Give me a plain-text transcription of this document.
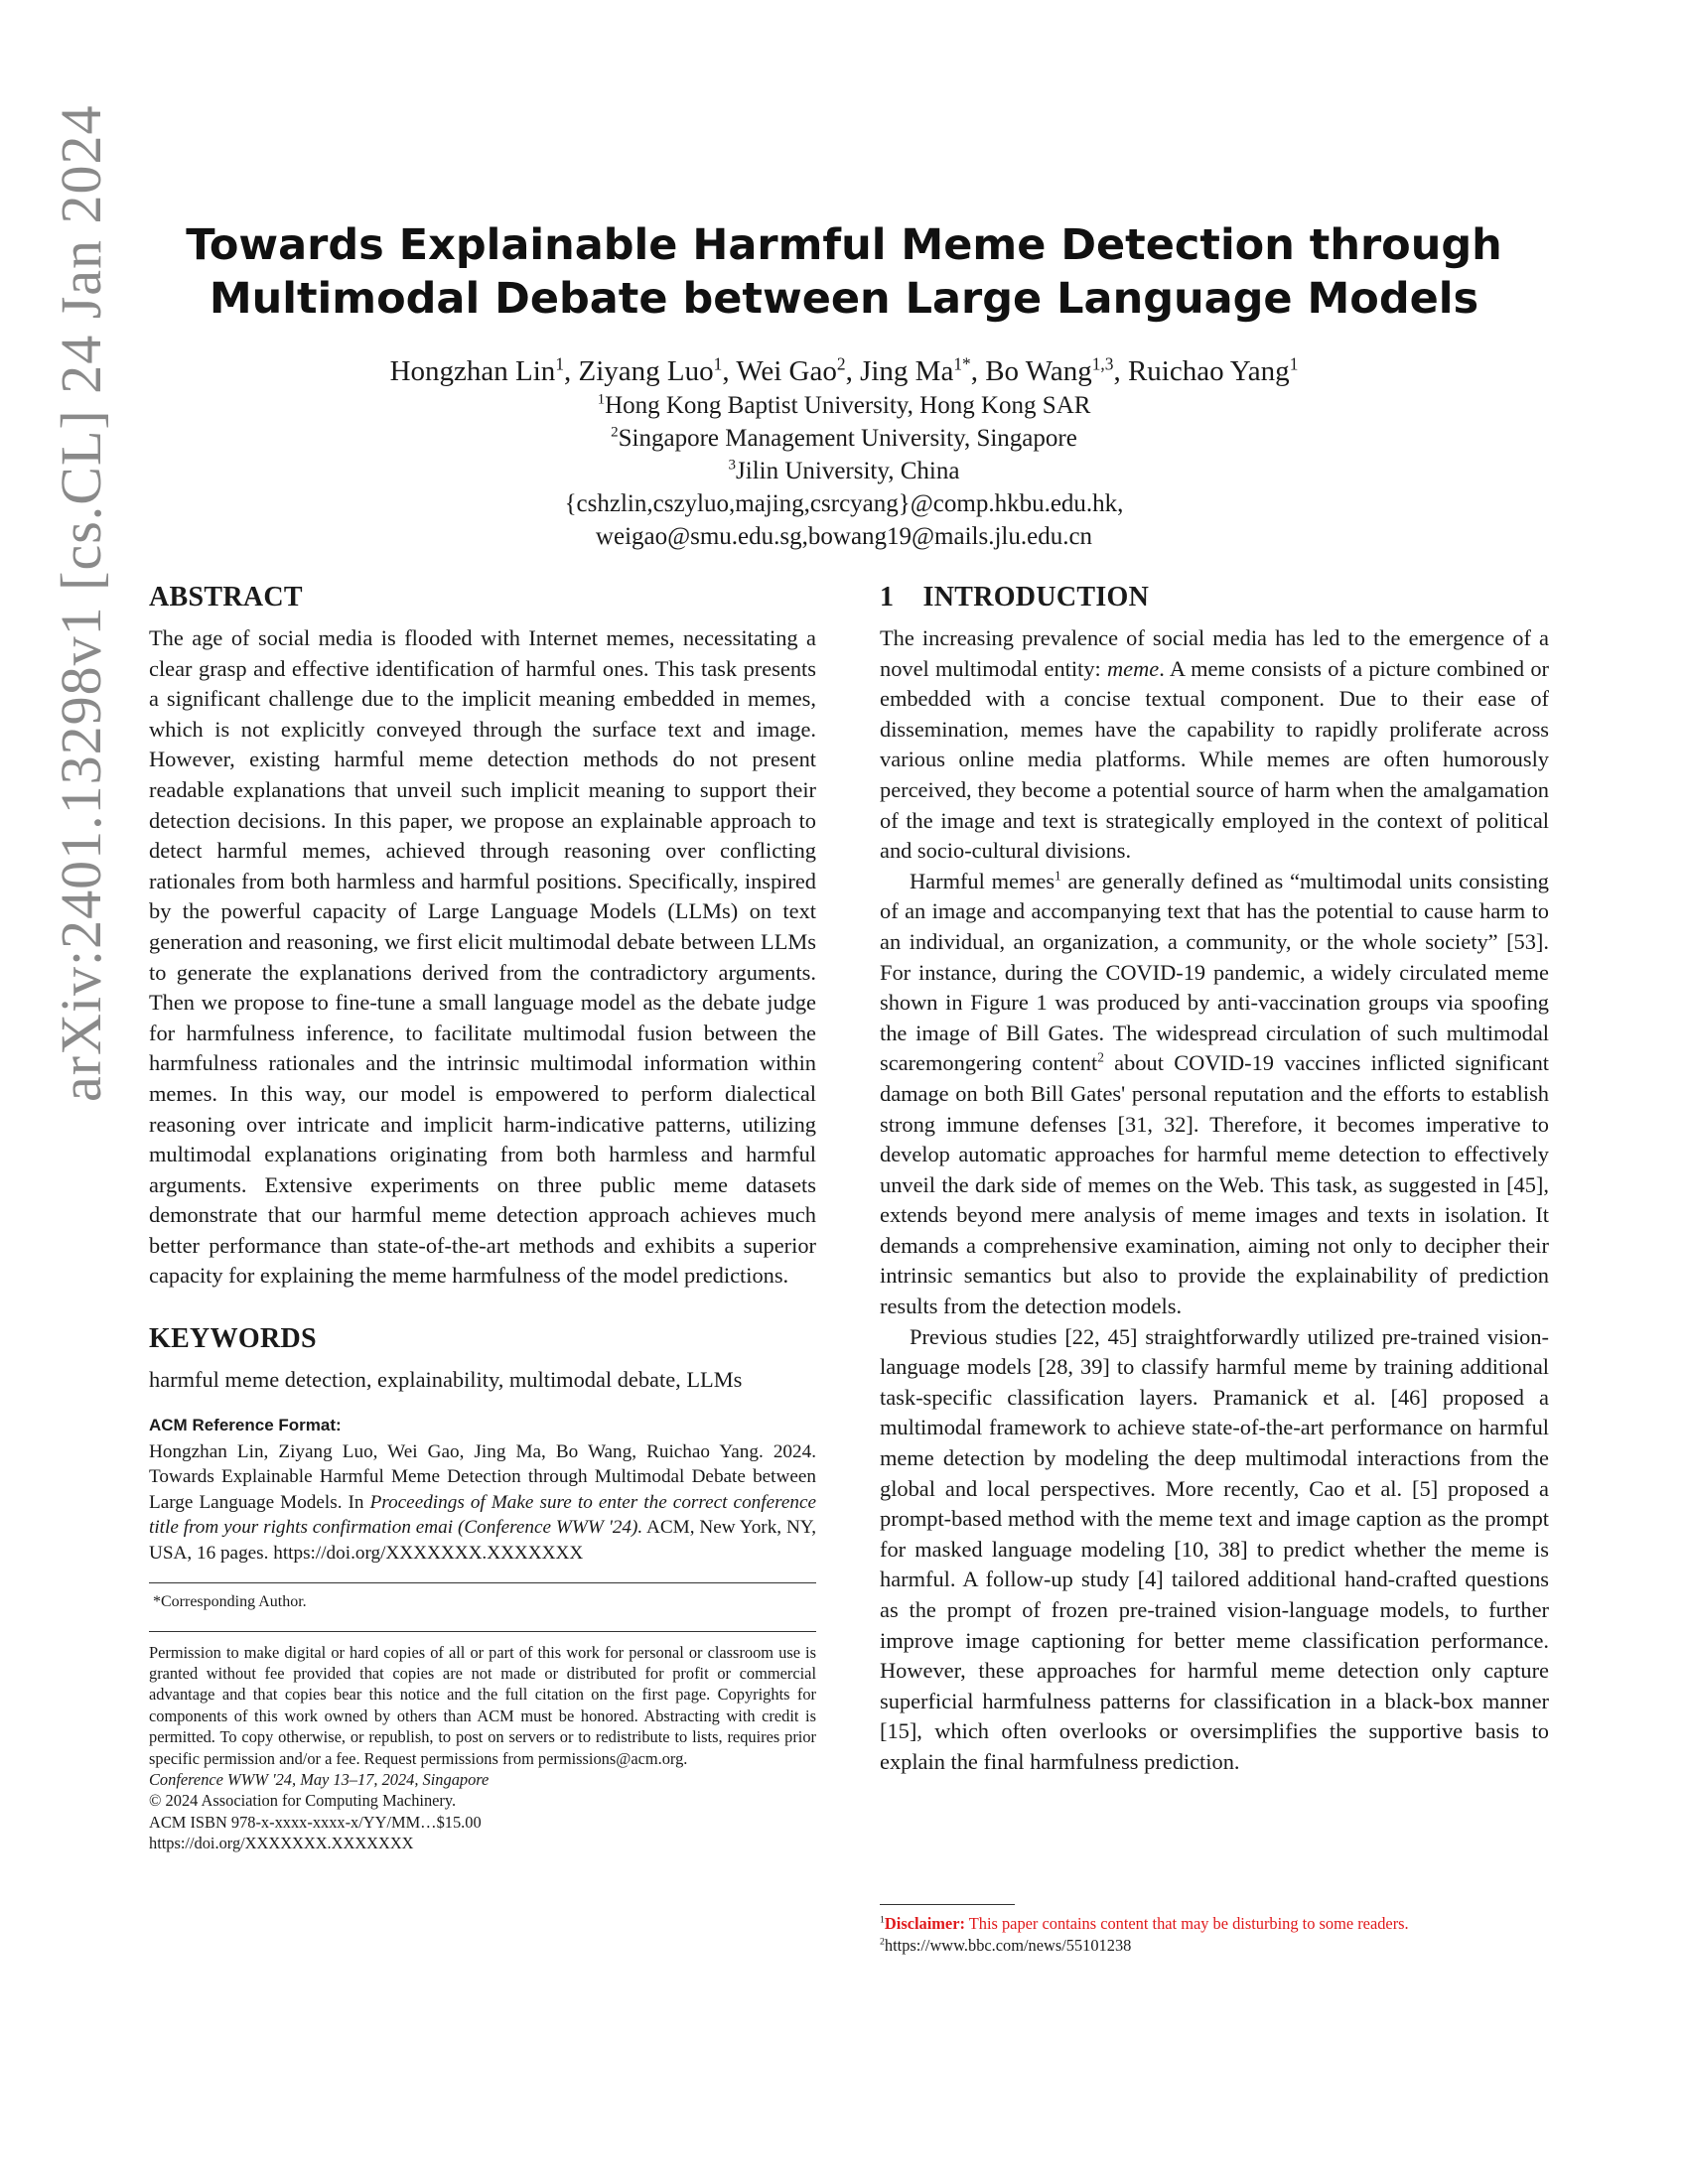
arXiv:2401.13298v1 [cs.CL] 24 Jan 2024	Towards Explainable Harmful Meme Detection through
Multimodal Debate between Large Language Models
Hongzhan Lin$^1$, Ziyang Luo$^1$, Wei Gao$^2$, Jing $Ma^{1*}$, Bo Wang$^{1,3}$, Ruichao Yang$^1$
$^1$Hong Kong Baptist University, Hong Kong SAR
$^2$Singapore Management University, Singapore
$^3$Jilin University, China
{cshzlin,cszyluo,majing,csrcyang}@comp.hkbu.edu.hk,
weigao@smu.edu.sg,bowang19@mails.jlu.edu.cn
ABSTRACT

The age of social media is flooded with Internet memes, necessitating a clear grasp and effective identification of harmful ones. This task presents a significant challenge due to the implicit meaning embedded in memes, which is not explicitly conveyed through the surface text and image. However, existing harmful meme detection methods do not present readable explanations that unveil such implicit meaning to support their detection decisions. In this paper, we propose an explainable approach to detect harmful memes, achieved through reasoning over conflicting rationales from both harmless and harmful positions. Specifically, inspired by the powerful capacity of Large Language Models (LLMs) on text generation and reasoning, we first elicit multimodal debate between LLMs to generate the explanations derived from the contradictory arguments. Then we propose to fine-tune a small language model as the debate judge for harmfulness inference, to facilitate multimodal fusion between the harmfulness rationales and the intrinsic multimodal information within memes. In this way, our model is empowered to perform dialectical reasoning over intricate and implicit harm-indicative patterns, utilizing multimodal explanations originating from both harmless and harmful arguments. Extensive experiments on three public meme datasets demonstrate that our harmful meme detection approach achieves much better performance than state-of-the-art methods and exhibits a superior capacity for explaining the meme harmfulness of the model predictions.

KEYWORDS

harmful meme detection, explainability, multimodal debate, LLMs

ACM Reference Format:

Hongzhan Lin, Ziyang Luo, Wei Gao, Jing Ma, Bo Wang, Ruichao Yang. 2024. Towards Explainable Harmful Meme Detection through Multimodal Debate between Large Language Models. In Proceedings of Make sure to enter the correct conference title from your rights confirmation emai (Conference WWW '24). ACM, New York, NY, USA, 16 pages. https://doi.org/XXXXXXX.XXXXXXX

*Corresponding Author.

Permission to make digital or hard copies of all or part of this work for personal or classroom use is granted without fee provided that copies are not made or distributed for profit or commercial advantage and that copies bear this notice and the full citation on the first page. Copyrights for components of this work owned by others than ACM must be honored. Abstracting with credit is permitted. To copy otherwise, or republish, to post on servers or to redistribute to lists, requires prior specific permission and/or a fee. Request permissions from permissions@acm.org.

Conference WWW '24, May 13–17, 2024, Singapore
© 2024 Association for Computing Machinery.
ACM ISBN 978-x-xxxx-xxxx-x/YY/MM…$15.00
https://doi.org/XXXXXXX.XXXXXXX
1    INTRODUCTION

The increasing prevalence of social media has led to the emergence of a novel multimodal entity: meme. A meme consists of a picture combined or embedded with a concise textual component. Due to their ease of dissemination, memes have the capability to rapidly proliferate across various online media platforms. While memes are often humorously perceived, they become a potential source of harm when the amalgamation of the image and text is strategically employed in the context of political and socio-cultural divisions.

Harmful memes$^1$ are generally defined as “multimodal units consisting of an image and accompanying text that has the potential to cause harm to an individual, an organization, a community, or the whole society” [53]. For instance, during the COVID-19 pandemic, a widely circulated meme shown in Figure 1 was produced by anti-vaccination groups via spoofing the image of Bill Gates. The widespread circulation of such multimodal scaremongering content$^2$ about COVID-19 vaccines inflicted significant damage on both Bill Gates' personal reputation and the efforts to establish strong immune defenses [31, 32]. Therefore, it becomes imperative to develop automatic approaches for harmful meme detection to effectively unveil the dark side of memes on the Web. This task, as suggested in [45], extends beyond mere analysis of meme images and texts in isolation. It demands a comprehensive examination, aiming not only to decipher their intrinsic semantics but also to provide the explainability of prediction results from the detection models.

Previous studies [22, 45] straightforwardly utilized pre-trained vision-language models [28, 39] to classify harmful meme by training additional task-specific classification layers. Pramanick et al. [46] proposed a multimodal framework to achieve state-of-the-art performance on harmful meme detection by modeling the deep multimodal interactions from the global and local perspectives. More recently, Cao et al. [5] proposed a prompt-based method with the meme text and image caption as the prompt for masked language modeling [10, 38] to predict whether the meme is harmful. A follow-up study [4] tailored additional hand-crafted questions as the prompt of frozen pre-trained vision-language models, to further improve image captioning for better meme classification performance. However, these approaches for harmful meme detection only capture superficial harmfulness patterns for classification in a black-box manner [15], which often overlooks or oversimplifies the supportive basis to explain the final harmfulness prediction.

$^1$Disclaimer: This paper contains content that may be disturbing to some readers.
$^2$https://www.bbc.com/news/55101238
